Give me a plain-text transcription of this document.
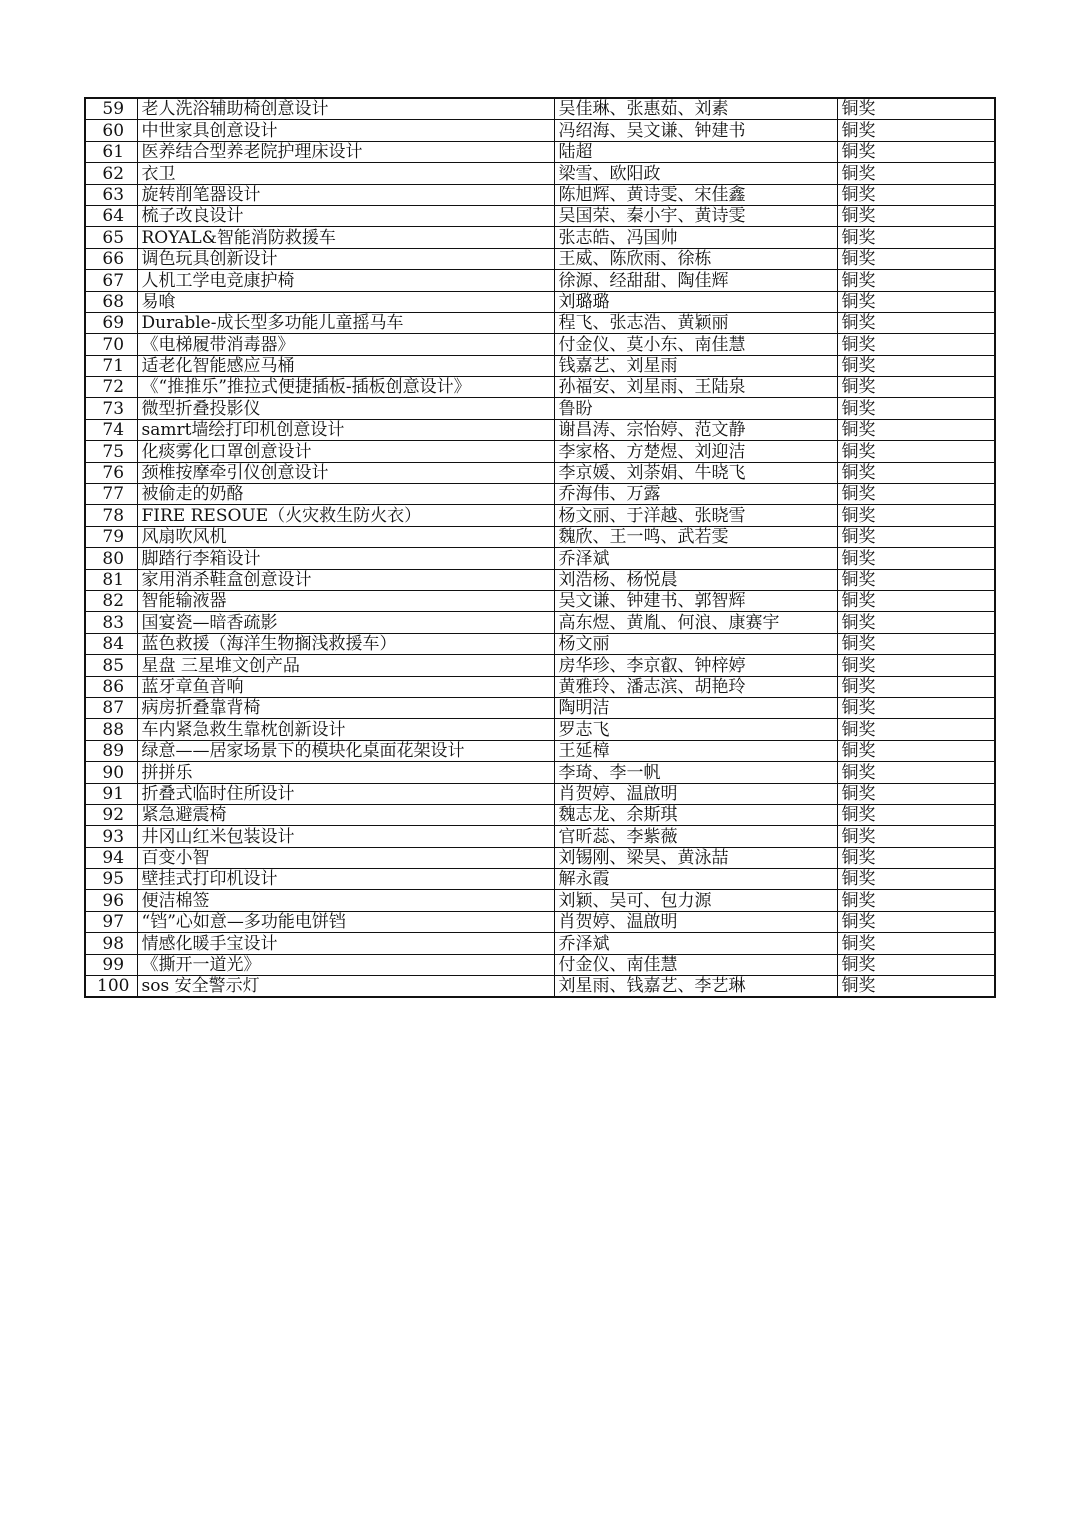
59	老人洗浴辅助椅创意设计	吴佳琳、张惠茹、刘素	铜奖
60	中世家具创意设计	冯绍海、吴文谦、钟建书	铜奖
61	医养结合型养老院护理床设计	陆超	铜奖
62	衣卫	梁雪、欧阳政	铜奖
63	旋转削笔器设计	陈旭辉、黄诗雯、宋佳鑫	铜奖
64	梳子改良设计	吴国荣、秦小宇、黄诗雯	铜奖
65	ROYAL&智能消防救援车	张志皓、冯国帅	铜奖
66	调色玩具创新设计	王威、陈欣雨、徐栋	铜奖
67	人机工学电竞康护椅	徐源、经甜甜、陶佳辉	铜奖
68	易喰	刘璐璐	铜奖
69	Durable-成长型多功能儿童摇马车	程飞、张志浩、黄颖丽	铜奖
70	《电梯履带消毒器》	付金仪、莫小东、南佳慧	铜奖
71	适老化智能感应马桶	钱嘉艺、刘星雨	铜奖
72	《“推推乐”推拉式便捷插板-插板创意设计》	孙福安、刘星雨、王陆泉	铜奖
73	微型折叠投影仪	鲁盼	铜奖
74	samrt墙绘打印机创意设计	谢昌涛、宗怡婷、范文静	铜奖
75	化痰雾化口罩创意设计	李家格、方楚煜、刘迎洁	铜奖
76	颈椎按摩牵引仪创意设计	李京媛、刘荼娟、牛晓飞	铜奖
77	被偷走的奶酪	乔海伟、万露	铜奖
78	FIRE RESOUE（火灾救生防火衣）	杨文丽、于洋越、张晓雪	铜奖
79	风扇吹风机	魏欣、王一鸣、武若雯	铜奖
80	脚踏行李箱设计	乔泽斌	铜奖
81	家用消杀鞋盒创意设计	刘浩杨、杨悦晨	铜奖
82	智能输液器	吴文谦、钟建书、郭智辉	铜奖
83	国宴瓷—暗香疏影	高东煜、黄胤、何浪、康赛宇	铜奖
84	蓝色救援（海洋生物搁浅救援车）	杨文丽	铜奖
85	星盘 三星堆文创产品	房华珍、李京叡、钟梓婷	铜奖
86	蓝牙章鱼音响	黄雅玲、潘志滨、胡艳玲	铜奖
87	病房折叠靠背椅	陶明洁	铜奖
88	车内紧急救生靠枕创新设计	罗志飞	铜奖
89	绿意——居家场景下的模块化桌面花架设计	王延樟	铜奖
90	拼拼乐	李琦、李一帆	铜奖
91	折叠式临时住所设计	肖贺婷、温啟明	铜奖
92	紧急避震椅	魏志龙、余斯琪	铜奖
93	井冈山红米包装设计	官昕蕊、李紫薇	铜奖
94	百变小智	刘锡刚、梁昊、黄泳喆	铜奖
95	壁挂式打印机设计	解永霞	铜奖
96	便洁棉签	刘颖、吴可、包力源	铜奖
97	“铛”心如意—多功能电饼铛	肖贺婷、温啟明	铜奖
98	情感化暖手宝设计	乔泽斌	铜奖
99	《撕开一道光》	付金仪、南佳慧	铜奖
100	sos 安全警示灯	刘星雨、钱嘉艺、李艺琳	铜奖
